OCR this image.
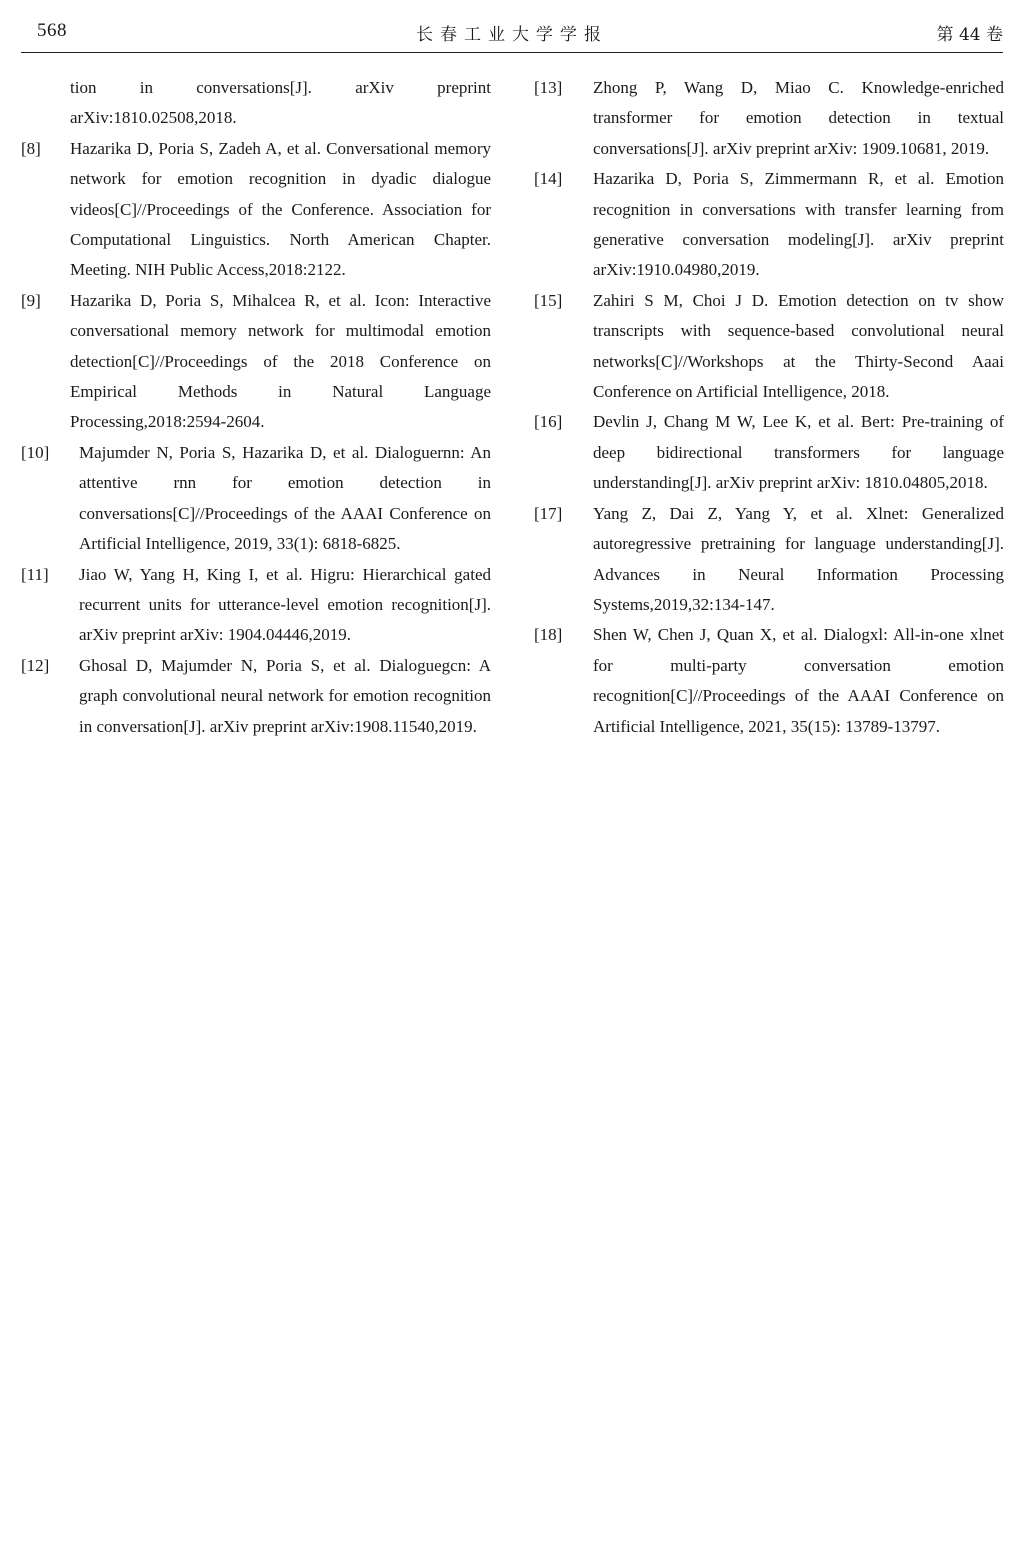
568	长春工业大学学报	第 44 卷
tion in conversations[J]. arXiv preprint arXiv:1810.02508,2018.
[8] Hazarika D, Poria S, Zadeh A, et al. Conversational memory network for emotion recognition in dyadic dialogue videos[C]//Proceedings of the Conference. Association for Computational Linguistics. North American Chapter. Meeting. NIH Public Access,2018:2122.
[9] Hazarika D, Poria S, Mihalcea R, et al. Icon: Interactive conversational memory network for multimodal emotion detection[C]//Proceedings of the 2018 Conference on Empirical Methods in Natural Language Processing,2018:2594-2604.
[10] Majumder N, Poria S, Hazarika D, et al. Dialoguernn: An attentive rnn for emotion detection in conversations[C]//Proceedings of the AAAI Conference on Artificial Intelligence, 2019, 33(1): 6818-6825.
[11] Jiao W, Yang H, King I, et al. Higru: Hierarchical gated recurrent units for utterance-level emotion recognition[J]. arXiv preprint arXiv: 1904.04446,2019.
[12] Ghosal D, Majumder N, Poria S, et al. Dialoguegcn: A graph convolutional neural network for emotion recognition in conversation[J]. arXiv preprint arXiv:1908.11540,2019.
[13] Zhong P, Wang D, Miao C. Knowledge-enriched transformer for emotion detection in textual conversations[J]. arXiv preprint arXiv: 1909.10681, 2019.
[14] Hazarika D, Poria S, Zimmermann R, et al. Emotion recognition in conversations with transfer learning from generative conversation modeling[J]. arXiv preprint arXiv:1910.04980,2019.
[15] Zahiri S M, Choi J D. Emotion detection on tv show transcripts with sequence-based convolutional neural networks[C]//Workshops at the Thirty-Second Aaai Conference on Artificial Intelligence, 2018.
[16] Devlin J, Chang M W, Lee K, et al. Bert: Pre-training of deep bidirectional transformers for language understanding[J]. arXiv preprint arXiv: 1810.04805,2018.
[17] Yang Z, Dai Z, Yang Y, et al. Xlnet: Generalized autoregressive pretraining for language understanding[J]. Advances in Neural Information Processing Systems,2019,32:134-147.
[18] Shen W, Chen J, Quan X, et al. Dialogxl: All-in-one xlnet for multi-party conversation emotion recognition[C]//Proceedings of the AAAI Conference on Artificial Intelligence, 2021, 35(15): 13789-13797.
